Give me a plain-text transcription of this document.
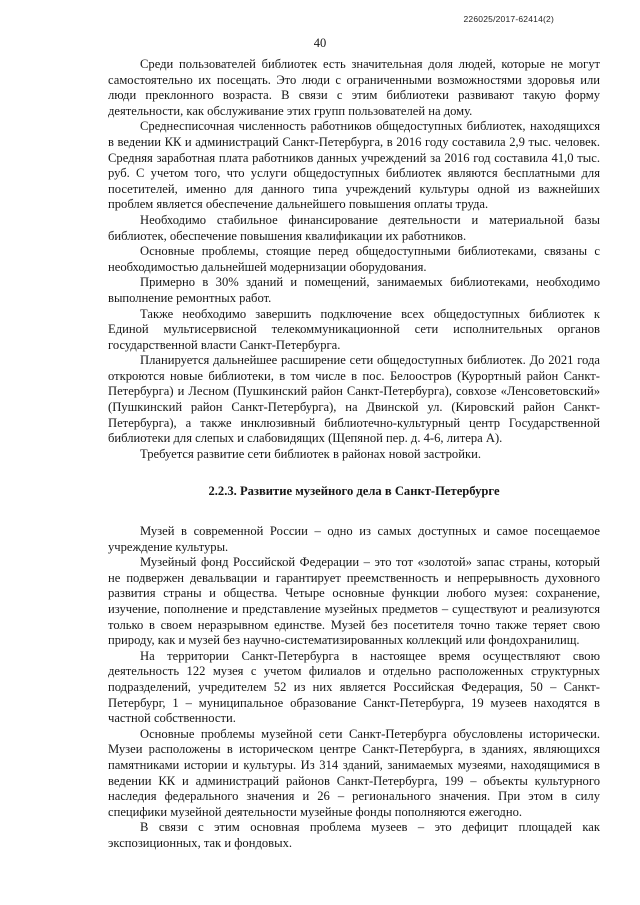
226025/2017-62414(2)
40

Среди пользователей библиотек есть значительная доля людей, которые не могут самостоятельно их посещать. Это люди с ограниченными возможностями здоровья или люди преклонного возраста. В связи с этим библиотеки развивают такую форму деятельности, как обслуживание этих групп пользователей на дому.

Среднесписочная численность работников общедоступных библиотек, находящихся в ведении КК и администраций Санкт-Петербурга, в 2016 году составила 2,9 тыс. человек. Средняя заработная плата работников данных учреждений за 2016 год составила 41,0 тыс. руб. С учетом того, что услуги общедоступных библиотек являются бесплатными для посетителей, именно для данного типа учреждений культуры одной из важнейших проблем является обеспечение дальнейшего повышения оплаты труда.

Необходимо стабильное финансирование деятельности и материальной базы библиотек, обеспечение повышения квалификации их работников.

Основные проблемы, стоящие перед общедоступными библиотеками, связаны с необходимостью дальнейшей модернизации оборудования.

Примерно в 30% зданий и помещений, занимаемых библиотеками, необходимо выполнение ремонтных работ.

Также необходимо завершить подключение всех общедоступных библиотек к Единой мультисервисной телекоммуникационной сети исполнительных органов государственной власти Санкт-Петербурга.

Планируется дальнейшее расширение сети общедоступных библиотек. До 2021 года откроются новые библиотеки, в том числе в пос. Белоостров (Курортный район Санкт-Петербурга) и Лесном (Пушкинский район Санкт-Петербурга), совхозе «Ленсоветовский» (Пушкинский район Санкт-Петербурга), на Двинской ул. (Кировский район Санкт-Петербурга), а также инклюзивный библиотечно-культурный центр Государственной библиотеки для слепых и слабовидящих (Щепяной пер. д. 4-6, литера А).

Требуется развитие сети библиотек в районах новой застройки.

2.2.3. Развитие музейного дела в Санкт-Петербурге

Музей в современной России – одно из самых доступных и самое посещаемое учреждение культуры.

Музейный фонд Российской Федерации – это тот «золотой» запас страны, который не подвержен девальвации и гарантирует преемственность и непрерывность духовного развития страны и общества. Четыре основные функции любого музея: сохранение, изучение, пополнение и представление музейных предметов – существуют и реализуются только в своем неразрывном единстве. Музей без посетителя точно также теряет свою природу, как и музей без научно-систематизированных коллекций или фондохранилищ.

На территории Санкт-Петербурга в настоящее время осуществляют свою деятельность 122 музея с учетом филиалов и отдельно расположенных структурных подразделений, учредителем 52 из них является Российская Федерация, 50 – Санкт-Петербург, 1 – муниципальное образование Санкт-Петербурга, 19 музеев находятся в частной собственности.

Основные проблемы музейной сети Санкт-Петербурга обусловлены исторически. Музеи расположены в историческом центре Санкт-Петербурга, в зданиях, являющихся памятниками истории и культуры. Из 314 зданий, занимаемых музеями, находящимися в ведении КК и администраций районов Санкт-Петербурга, 199 – объекты культурного наследия федерального значения и 26 – регионального значения. При этом в силу специфики музейной деятельности музейные фонды пополняются ежегодно.

В связи с этим основная проблема музеев – это дефицит площадей как экспозиционных, так и фондовых.
